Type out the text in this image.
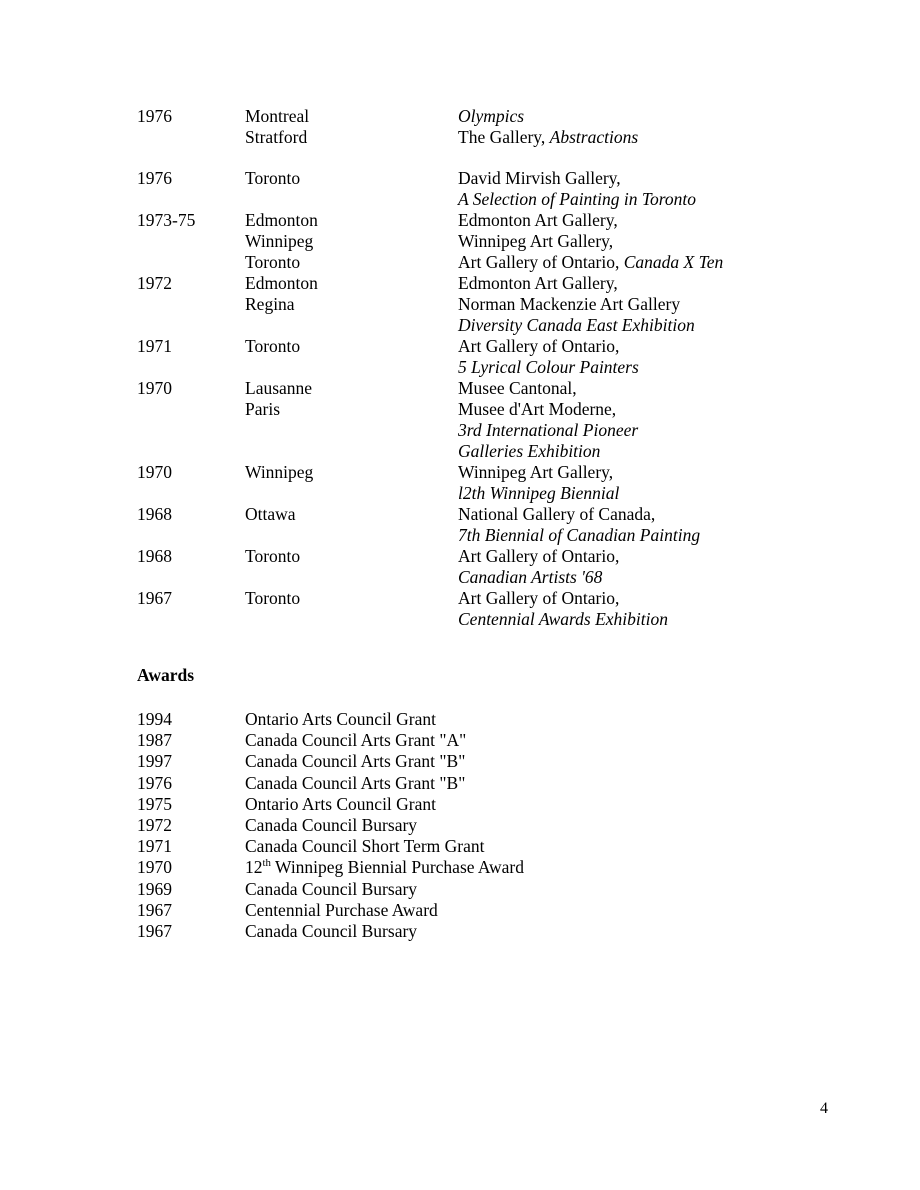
1976	Montreal	Olympics
Stratford	The Gallery, Abstractions
1976	Toronto	David Mirvish Gallery,
A Selection of Painting in Toronto
1973-75	Edmonton	Edmonton Art Gallery,
Winnipeg	Winnipeg Art Gallery,
Toronto	Art Gallery of Ontario, Canada X Ten
1972	Edmonton	Edmonton Art Gallery,
Regina	Norman Mackenzie Art Gallery
Diversity Canada East Exhibition
1971	Toronto	Art Gallery of Ontario,
5 Lyrical Colour Painters
1970	Lausanne	Musee Cantonal,
Paris	Musee d'Art Moderne,
3rd International Pioneer
Galleries Exhibition
1970	Winnipeg	Winnipeg Art Gallery,
l2th Winnipeg Biennial
1968	Ottawa	National Gallery of Canada,
7th Biennial of Canadian Painting
1968	Toronto	Art Gallery of Ontario,
Canadian Artists '68
1967	Toronto	Art Gallery of Ontario,
Centennial Awards Exhibition
Awards
1994	Ontario Arts Council Grant
1987	Canada Council Arts Grant "A"
1997	Canada Council Arts Grant "B"
1976	Canada Council Arts Grant "B"
1975	Ontario Arts Council Grant
1972	Canada Council Bursary
1971	Canada Council Short Term Grant
1970	12th Winnipeg Biennial Purchase Award
1969	Canada Council Bursary
1967	Centennial Purchase Award
1967	Canada Council Bursary
4
